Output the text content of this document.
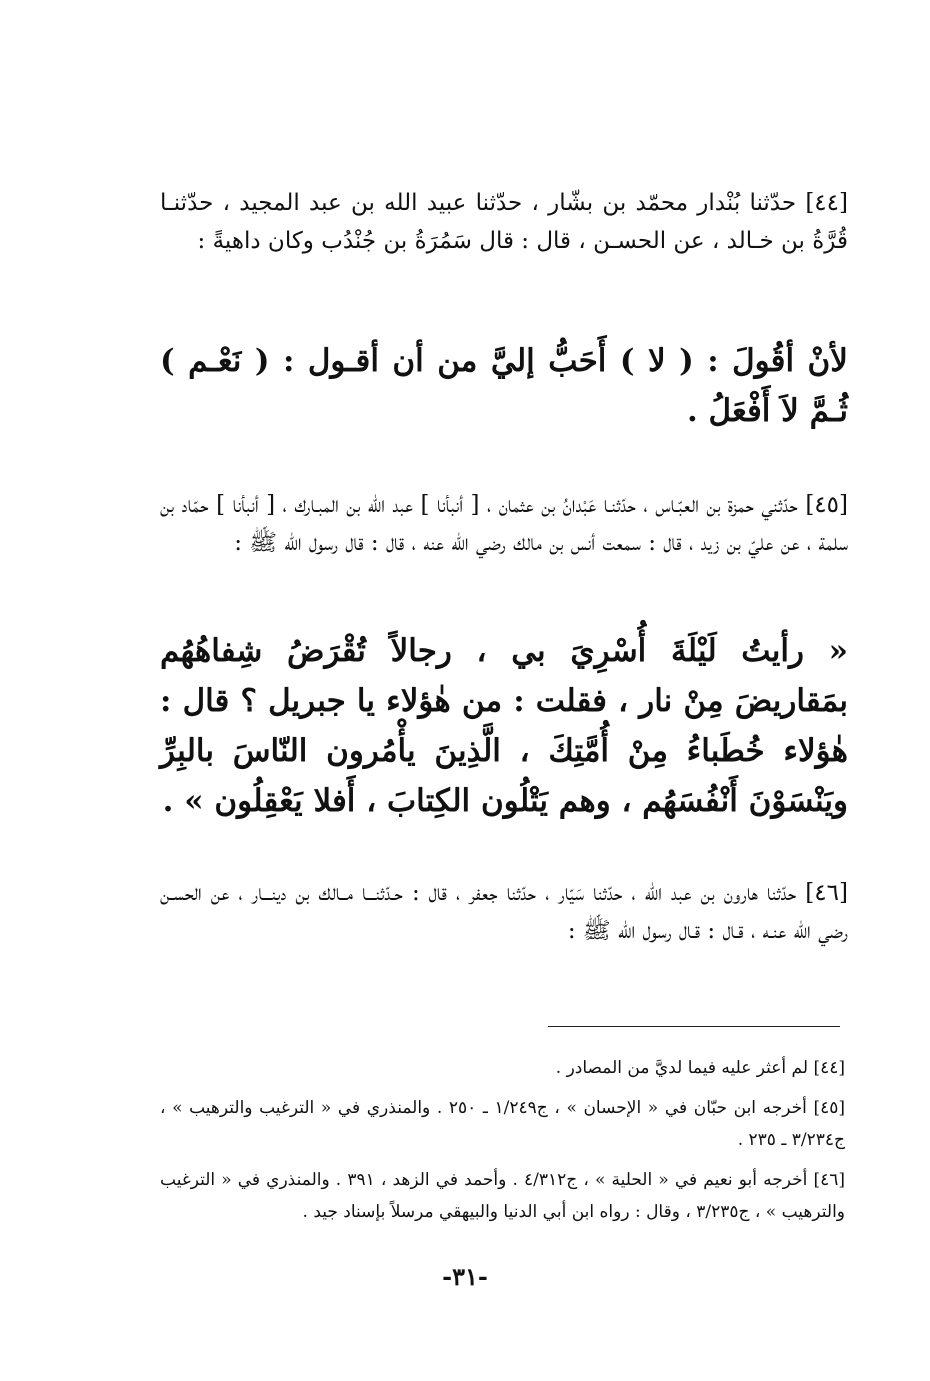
[٤٤] حدّثنا بُنْدار محمّد بن بشّار ، حدّثنا عبيد الله بن عبد المجيد ، حدّثنـا قُرَّةُ بن خـالد ، عن الحسـن ، قال : قال سَمُرَةُ بن جُنْدُب وكان داهيةً :

لأنْ أقُولَ : ( لا ) أَحَبُّ إليَّ من أن أقـول : ( نَعْـم ) ثُـمَّ لاَ أَفْعَلُ .

[٤٥] حدّثني حمزة بن العبّـاس ، حدّثنـا عَبْدانُ بن عثمان ، [ أنبأنا ] عبد الله بن المبـارك ، [ أنبأنا ] حمّاد بن سلمة ، عن عليّ بن زيد ، قال : سمعت أنس بن مالك رضي الله عنه ، قال : قال رسول الله ﷺ :

« رأيتُ لَيْلَةَ أُسْرِيَ بي ، رجالاً تُقْرَضُ شِفاهُهُم بمَقاريضَ مِنْ نار ، فقلت : من هٰؤلاء يا جبريل ؟ قال : هٰؤلاء خُطَباءُ مِنْ أُمَّتِكَ ، الَّذِينَ يأْمُرون النّاسَ بالبِرِّ ويَنْسَوْنَ أَنْفُسَهُم ، وهم يَتْلُون الكِتابَ ، أَفلا يَعْقِلُون » .

[٤٦] حدّثنا هارون بن عبد الله ، حدّثنا سَيّار ، حدّثنا جعفر ، قال : حـدّثنـــا مــالك بن دينـــار ، عن الحسـن رضي الله عنـه ، قـال : قـال رسول الله ﷺ :

[٤٤] لم أعثر عليه فيما لديَّ من المصادر .

[٤٥] أخرجه ابن حبّان في « الإحسان » ، ج١/٢٤٩ ـ ٢٥٠ . والمنذري في « الترغيب والترهيب » ، ج٣/٢٣٤ ـ ٢٣٥ .

[٤٦] أخرجه أبو نعيم في « الحلية » ، ج٤/٣١٢ . وأحمد في الزهد ، ٣٩١ . والمنذري في « الترغيب والترهيب » ، ج٣/٢٣٥ ، وقال : رواه ابن أبي الدنيا والبيهقي مرسلاً بإسناد جيد .

-٣١-
